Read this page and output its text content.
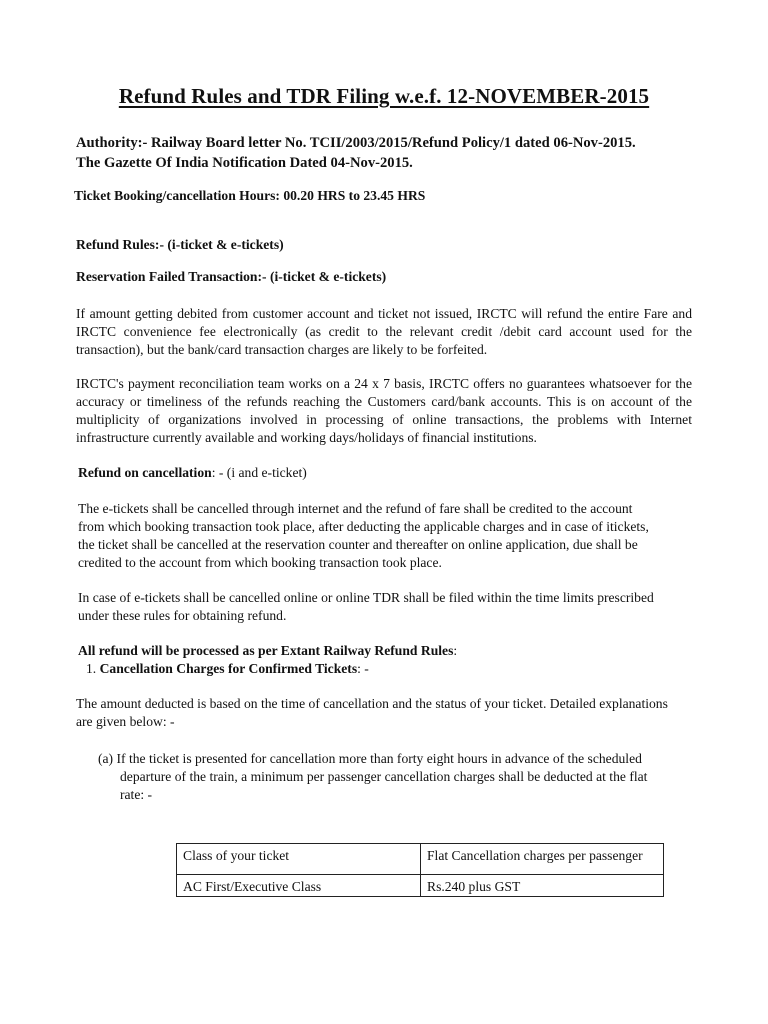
Refund Rules and TDR Filing w.e.f. 12-NOVEMBER-2015
Authority:- Railway Board letter No. TCII/2003/2015/Refund Policy/1 dated 06-Nov-2015.
The Gazette Of India Notification Dated 04-Nov-2015.
Ticket Booking/cancellation Hours: 00.20 HRS to 23.45 HRS
Refund Rules:- (i-ticket & e-tickets)
Reservation Failed Transaction:- (i-ticket & e-tickets)

If amount getting debited from customer account and ticket not issued, IRCTC will refund the entire Fare and IRCTC convenience fee electronically (as credit to the relevant credit /debit card account used for the transaction), but the bank/card transaction charges are likely to be forfeited.

IRCTC's payment reconciliation team works on a 24 x 7 basis, IRCTC offers no guarantees whatsoever for the accuracy or timeliness of the refunds reaching the Customers card/bank accounts. This is on account of the multiplicity of organizations involved in processing of online transactions, the problems with Internet infrastructure currently available and working days/holidays of financial institutions.

Refund on cancellation: - (i and e-ticket)
The e-tickets shall be cancelled through internet and the refund of fare shall be credited to the account
from which booking transaction took place, after deducting the applicable charges and in case of itickets,
the ticket shall be cancelled at the reservation counter and thereafter on online application, due shall be
credited to the account from which booking transaction took place.
In case of e-tickets shall be cancelled online or online TDR shall be filed within the time limits prescribed
under these rules for obtaining refund.
All refund will be processed as per Extant Railway Refund Rules:
1. Cancellation Charges for Confirmed Tickets: -
The amount deducted is based on the time of cancellation and the status of your ticket. Detailed explanations
are given below: -
(a) If the ticket is presented for cancellation more than forty eight hours in advance of the scheduled
departure of the train, a minimum per passenger cancellation charges shall be deducted at the flat
rate: -
Class of your ticket	Flat Cancellation charges per passenger
AC First/Executive Class	Rs.240 plus GST
